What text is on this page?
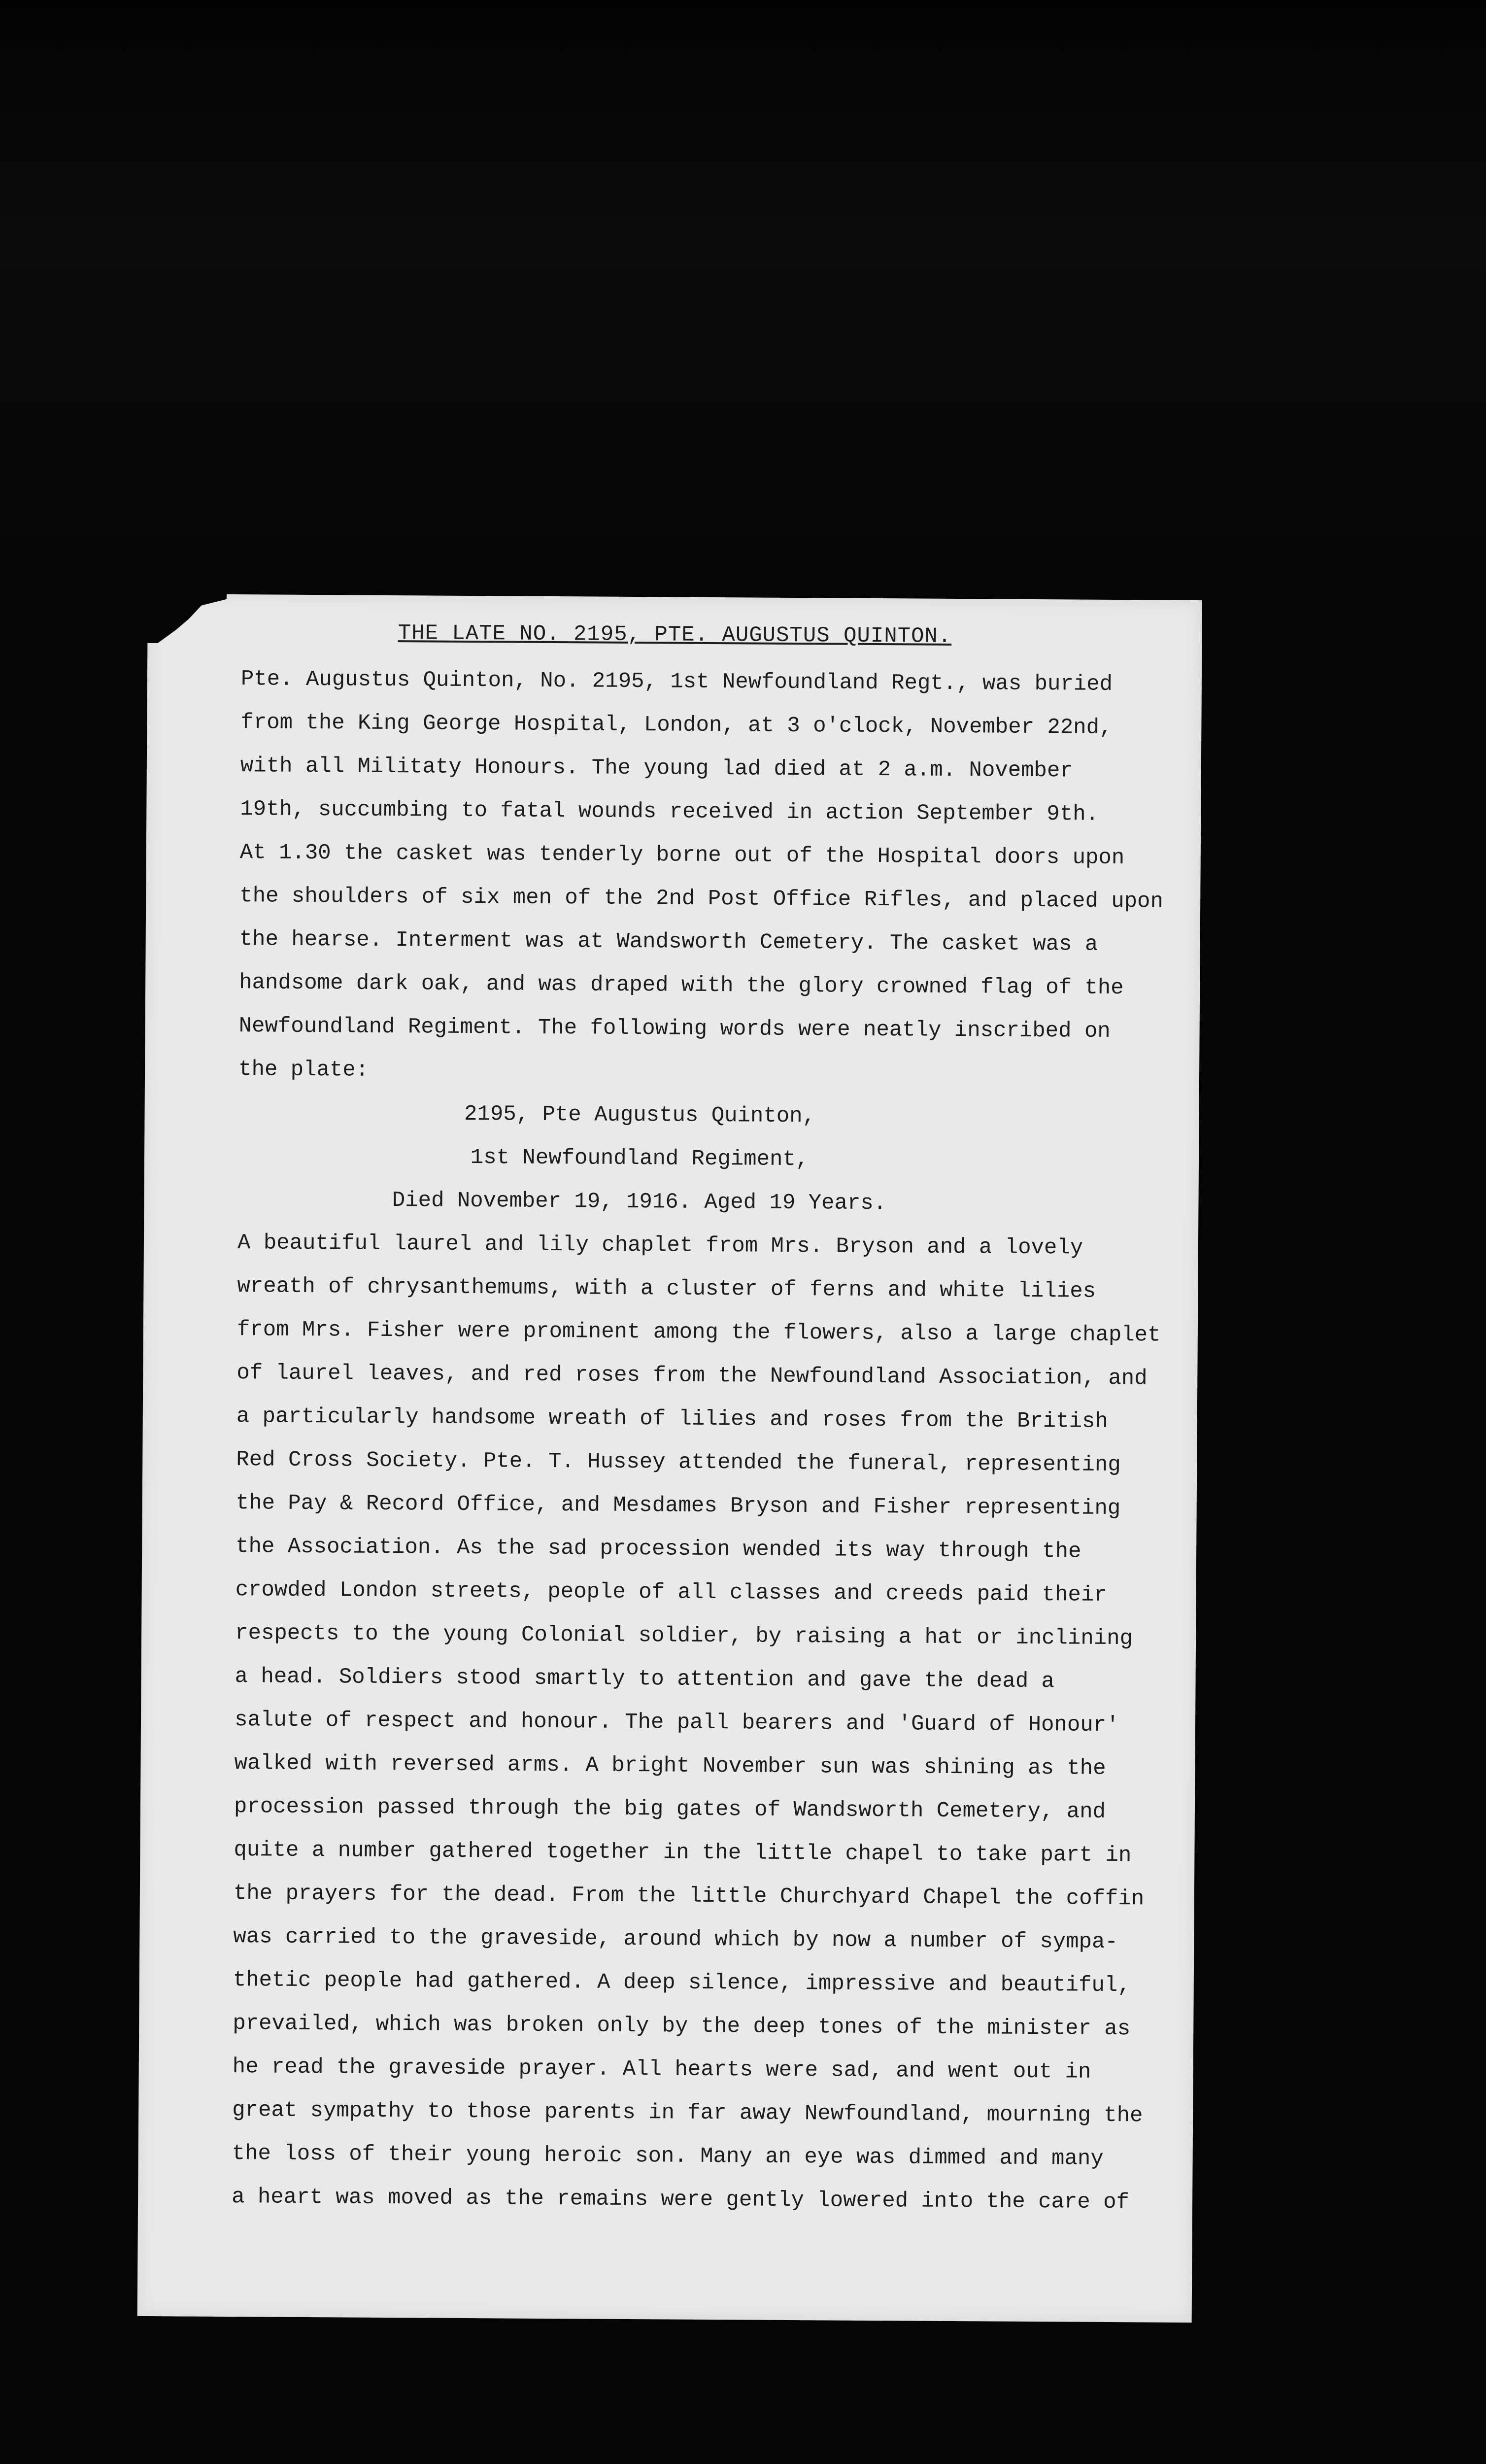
THE LATE NO. 2195, PTE. AUGUSTUS QUINTON.
Pte. Augustus Quinton, No. 2195, 1st Newfoundland Regt., was buried
from the King George Hospital, London, at 3 o'clock, November 22nd,
with all Militaty Honours. The young lad died at 2 a.m. November
19th, succumbing to fatal wounds received in action September 9th.
At 1.30 the casket was tenderly borne out of the Hospital doors upon
the shoulders of six men of the 2nd Post Office Rifles, and placed upon
the hearse. Interment was at Wandsworth Cemetery. The casket was a
handsome dark oak, and was draped with the glory crowned flag of the
Newfoundland Regiment. The following words were neatly inscribed on
the plate:
2195, Pte Augustus Quinton,
1st Newfoundland Regiment,
Died November 19, 1916. Aged 19 Years.
A beautiful laurel and lily chaplet from Mrs. Bryson and a lovely
wreath of chrysanthemums, with a cluster of ferns and white lilies
from Mrs. Fisher were prominent among the flowers, also a large chaplet
of laurel leaves, and red roses from the Newfoundland Association, and
a particularly handsome wreath of lilies and roses from the British
Red Cross Society. Pte. T. Hussey attended the funeral, representing
the Pay & Record Office, and Mesdames Bryson and Fisher representing
the Association. As the sad procession wended its way through the
crowded London streets, people of all classes and creeds paid their
respects to the young Colonial soldier, by raising a hat or inclining
a head. Soldiers stood smartly to attention and gave the dead a
salute of respect and honour. The pall bearers and 'Guard of Honour'
walked with reversed arms. A bright November sun was shining as the
procession passed through the big gates of Wandsworth Cemetery, and
quite a number gathered together in the little chapel to take part in
the prayers for the dead. From the little Churchyard Chapel the coffin
was carried to the graveside, around which by now a number of sympa-
thetic people had gathered. A deep silence, impressive and beautiful,
prevailed, which was broken only by the deep tones of the minister as
he read the graveside prayer. All hearts were sad, and went out in
great sympathy to those parents in far away Newfoundland, mourning the
the loss of their young heroic son. Many an eye was dimmed and many
a heart was moved as the remains were gently lowered into the care of
